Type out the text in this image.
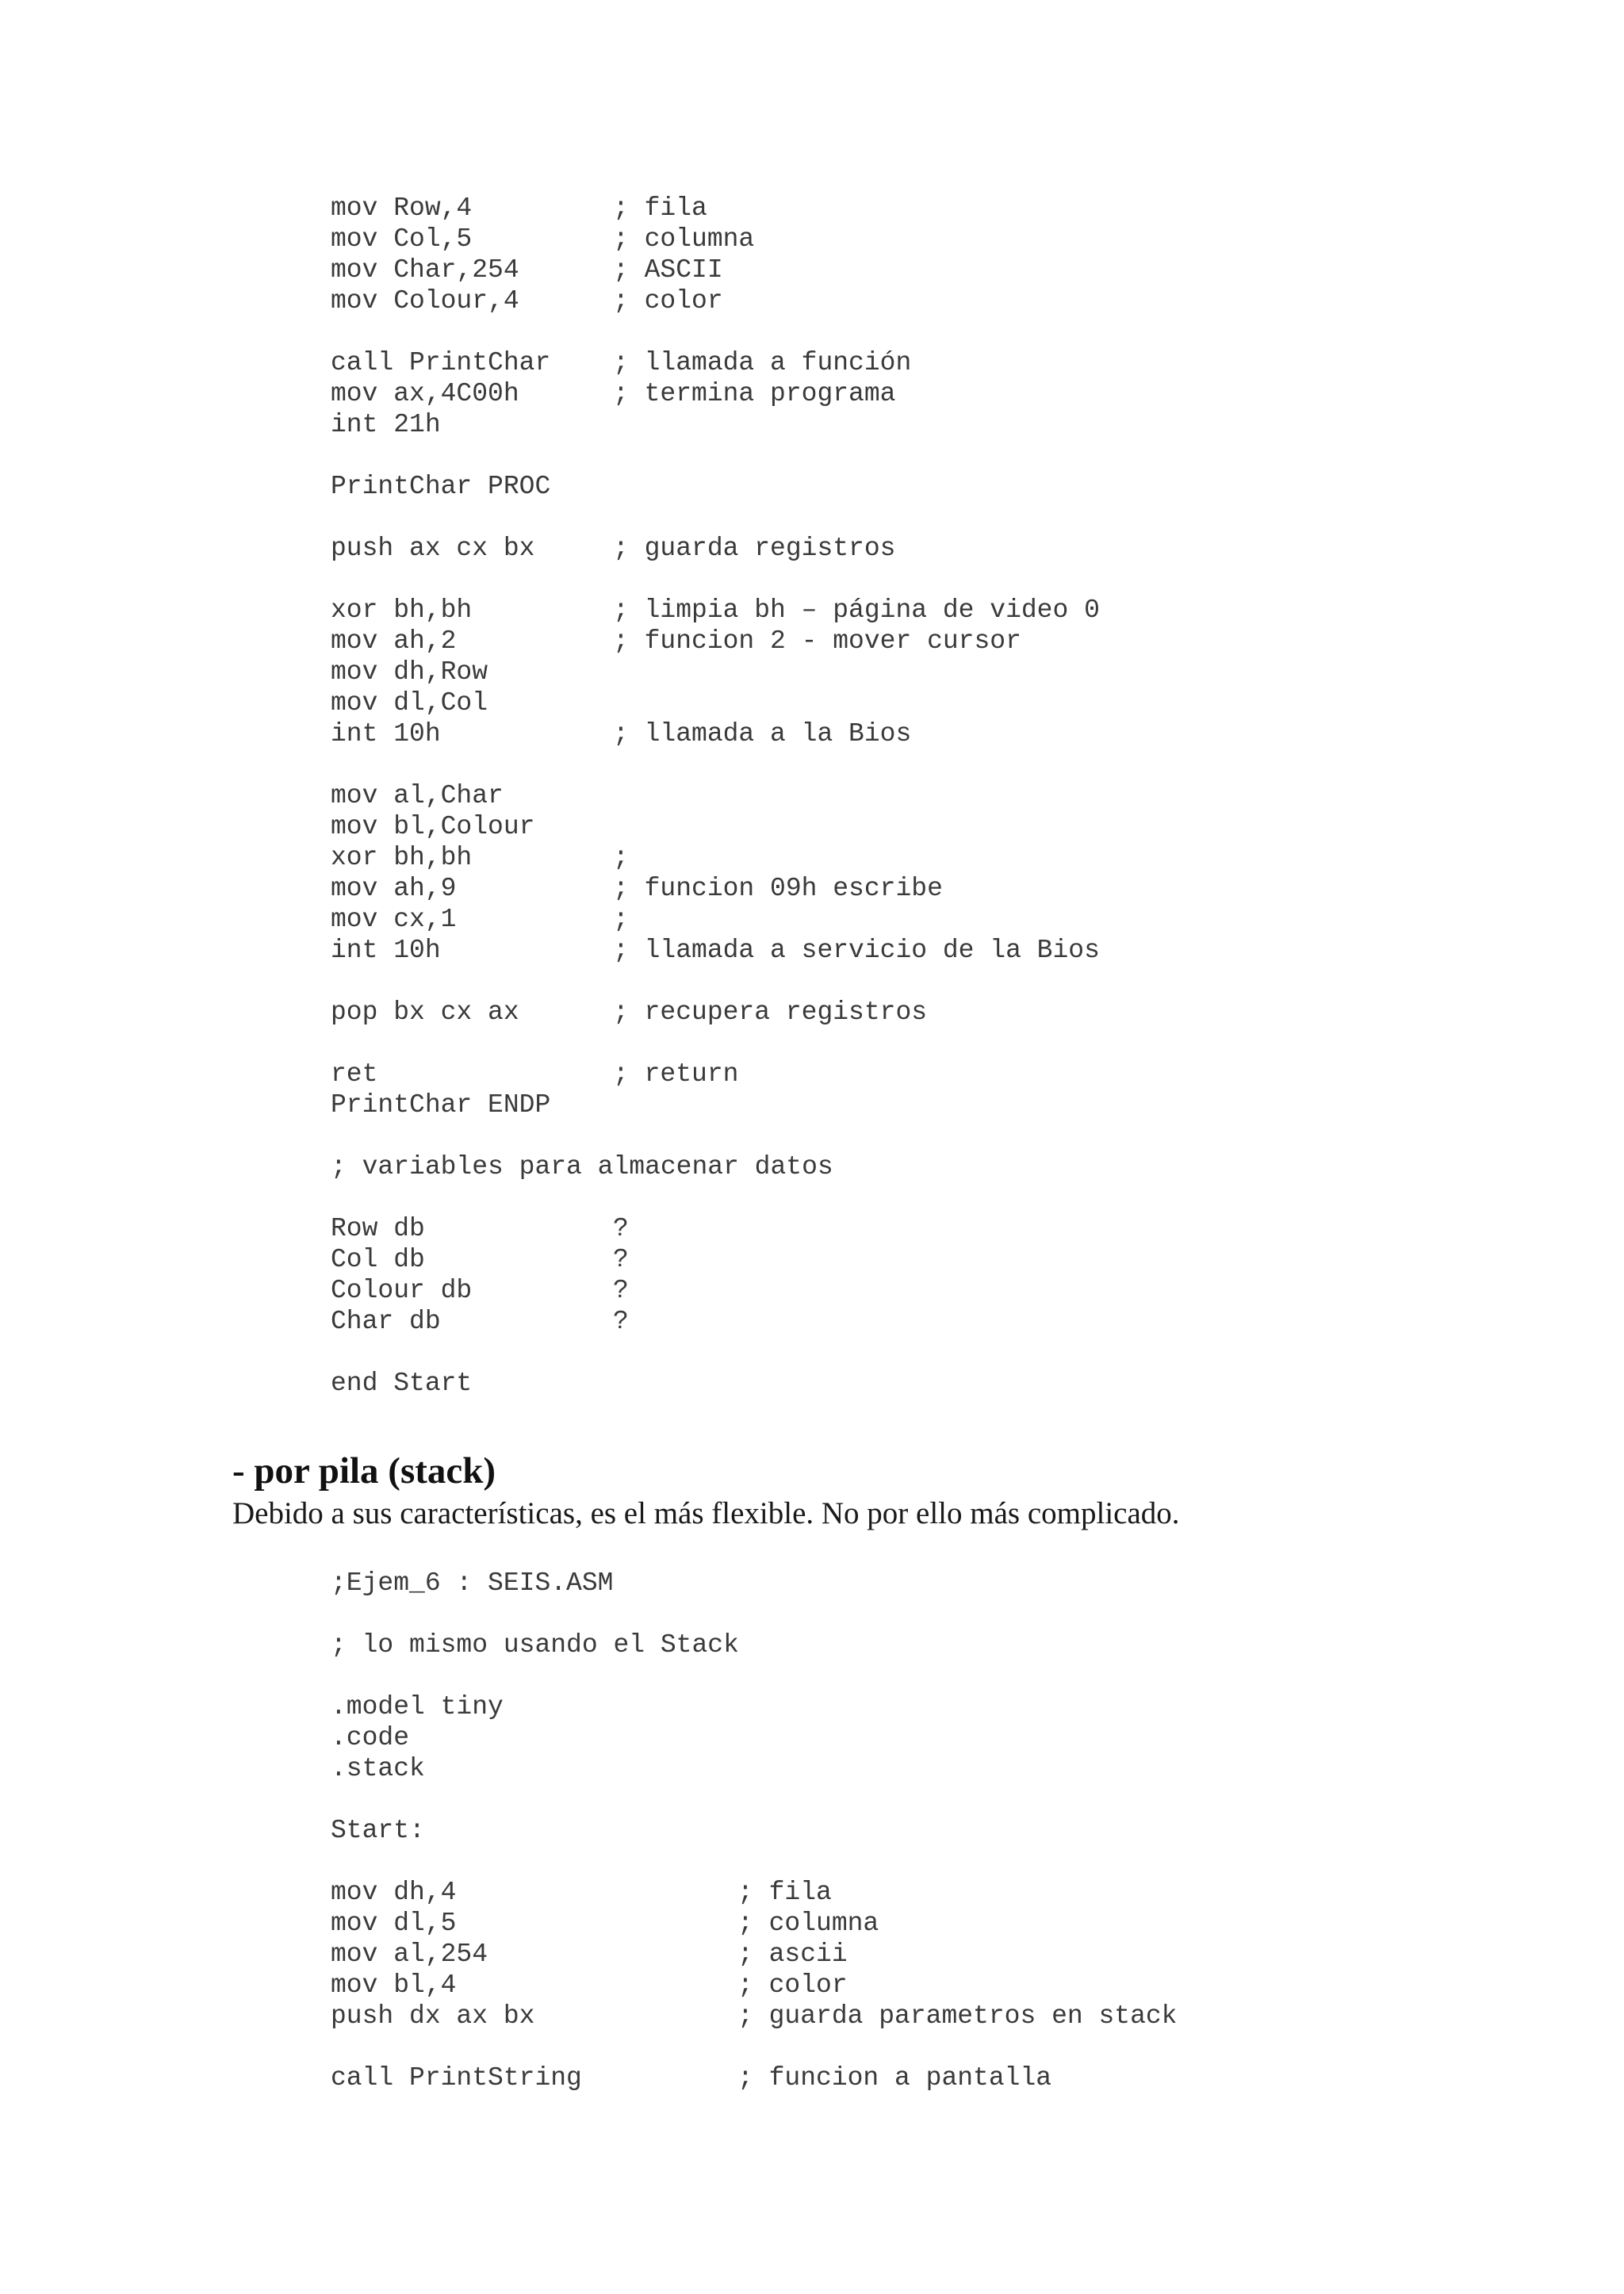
mov Row,4	; fila
mov Col,5	; columna
mov Char,254	; ASCII
mov Colour,4	; color

call PrintChar ; llamada a función
mov ax,4C00h	; termina programa
int 21h

PrintChar PROC

push ax cx bx	; guarda registros

xor bh,bh	; limpia bh – página de video 0
mov ah,2	; funcion 2 - mover cursor
mov dh,Row
mov dl,Col
int 10h	; llamada a la Bios

mov al,Char
mov bl,Colour
xor bh,bh	;
mov ah,9	; funcion 09h escribe
mov cx,1	;
int 10h	; llamada a servicio de la Bios

pop bx cx ax	; recupera registros

ret	; return
PrintChar ENDP

; variables para almacenar datos

Row db	?
Col db	?
Colour db	?
Char db	?

end Start
- por pila (stack)

Debido a sus características, es el más flexible. No por ello más complicado.

;Ejem_6 : SEIS.ASM

; lo mismo usando el Stack

.model tiny
.code
.stack

Start:

mov dh,4	; fila
mov dl,5	; columna
mov al,254	; ascii
mov bl,4	; color
push dx ax bx	; guarda parametros en stack

call PrintString	; funcion a pantalla
